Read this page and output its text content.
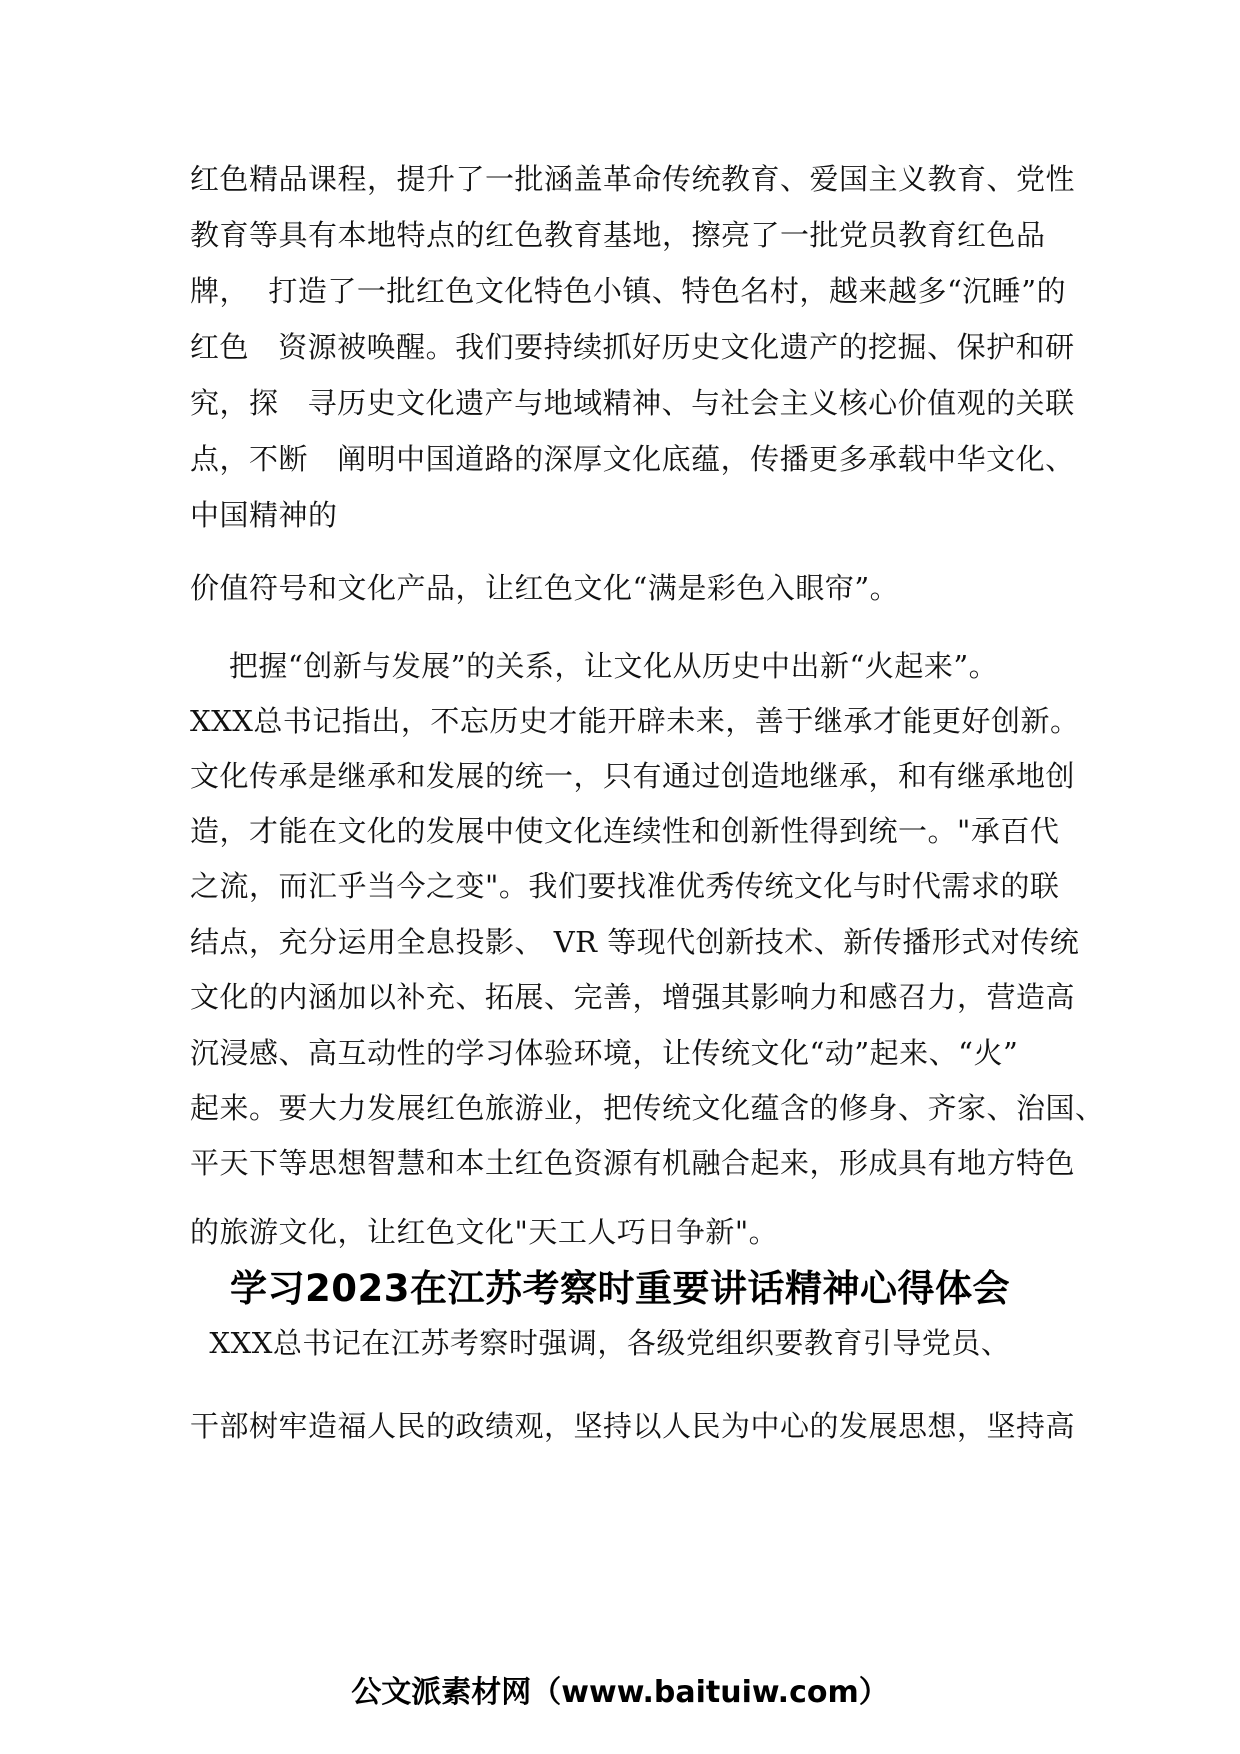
红色精品课程，提升了一批涵盖革命传统教育、爱国主义教育、党性
教育等具有本地特点的红色教育基地，擦亮了一批党员教育红色品
牌，  打造了一批红色文化特色小镇、特色名村，越来越多“沉睡”的
红色   资源被唤醒。我们要持续抓好历史文化遗产的挖掘、保护和研
究，探   寻历史文化遗产与地域精神、与社会主义核心价值观的关联
点，不断   阐明中国道路的深厚文化底蕴，传播更多承载中华文化、
中国精神的
价值符号和文化产品，让红色文化“满是彩色入眼帘”。
把握“创新与发展”的关系，让文化从历史中出新“火起来”。
XXX总书记指出，不忘历史才能开辟未来，善于继承才能更好创新。
文化传承是继承和发展的统一，只有通过创造地继承，和有继承地创
造，才能在文化的发展中使文化连续性和创新性得到统一。"承百代
之流，而汇乎当今之变"。我们要找准优秀传统文化与时代需求的联
结点，充分运用全息投影、 VR 等现代创新技术、新传播形式对传统
文化的内涵加以补充、拓展、完善，增强其影响力和感召力，营造高
沉浸感、高互动性的学习体验环境，让传统文化“动”起来、“火”
起来。要大力发展红色旅游业，把传统文化蕴含的修身、齐家、治国、
平天下等思想智慧和本土红色资源有机融合起来，形成具有地方特色
的旅游文化，让红色文化"天工人巧日争新"。
学习2023在江苏考察时重要讲话精神心得体会
XXX总书记在江苏考察时强调，各级党组织要教育引导党员、
干部树牢造福人民的政绩观，坚持以人民为中心的发展思想，坚持高
公文派素材网（www.baituiw.com）
